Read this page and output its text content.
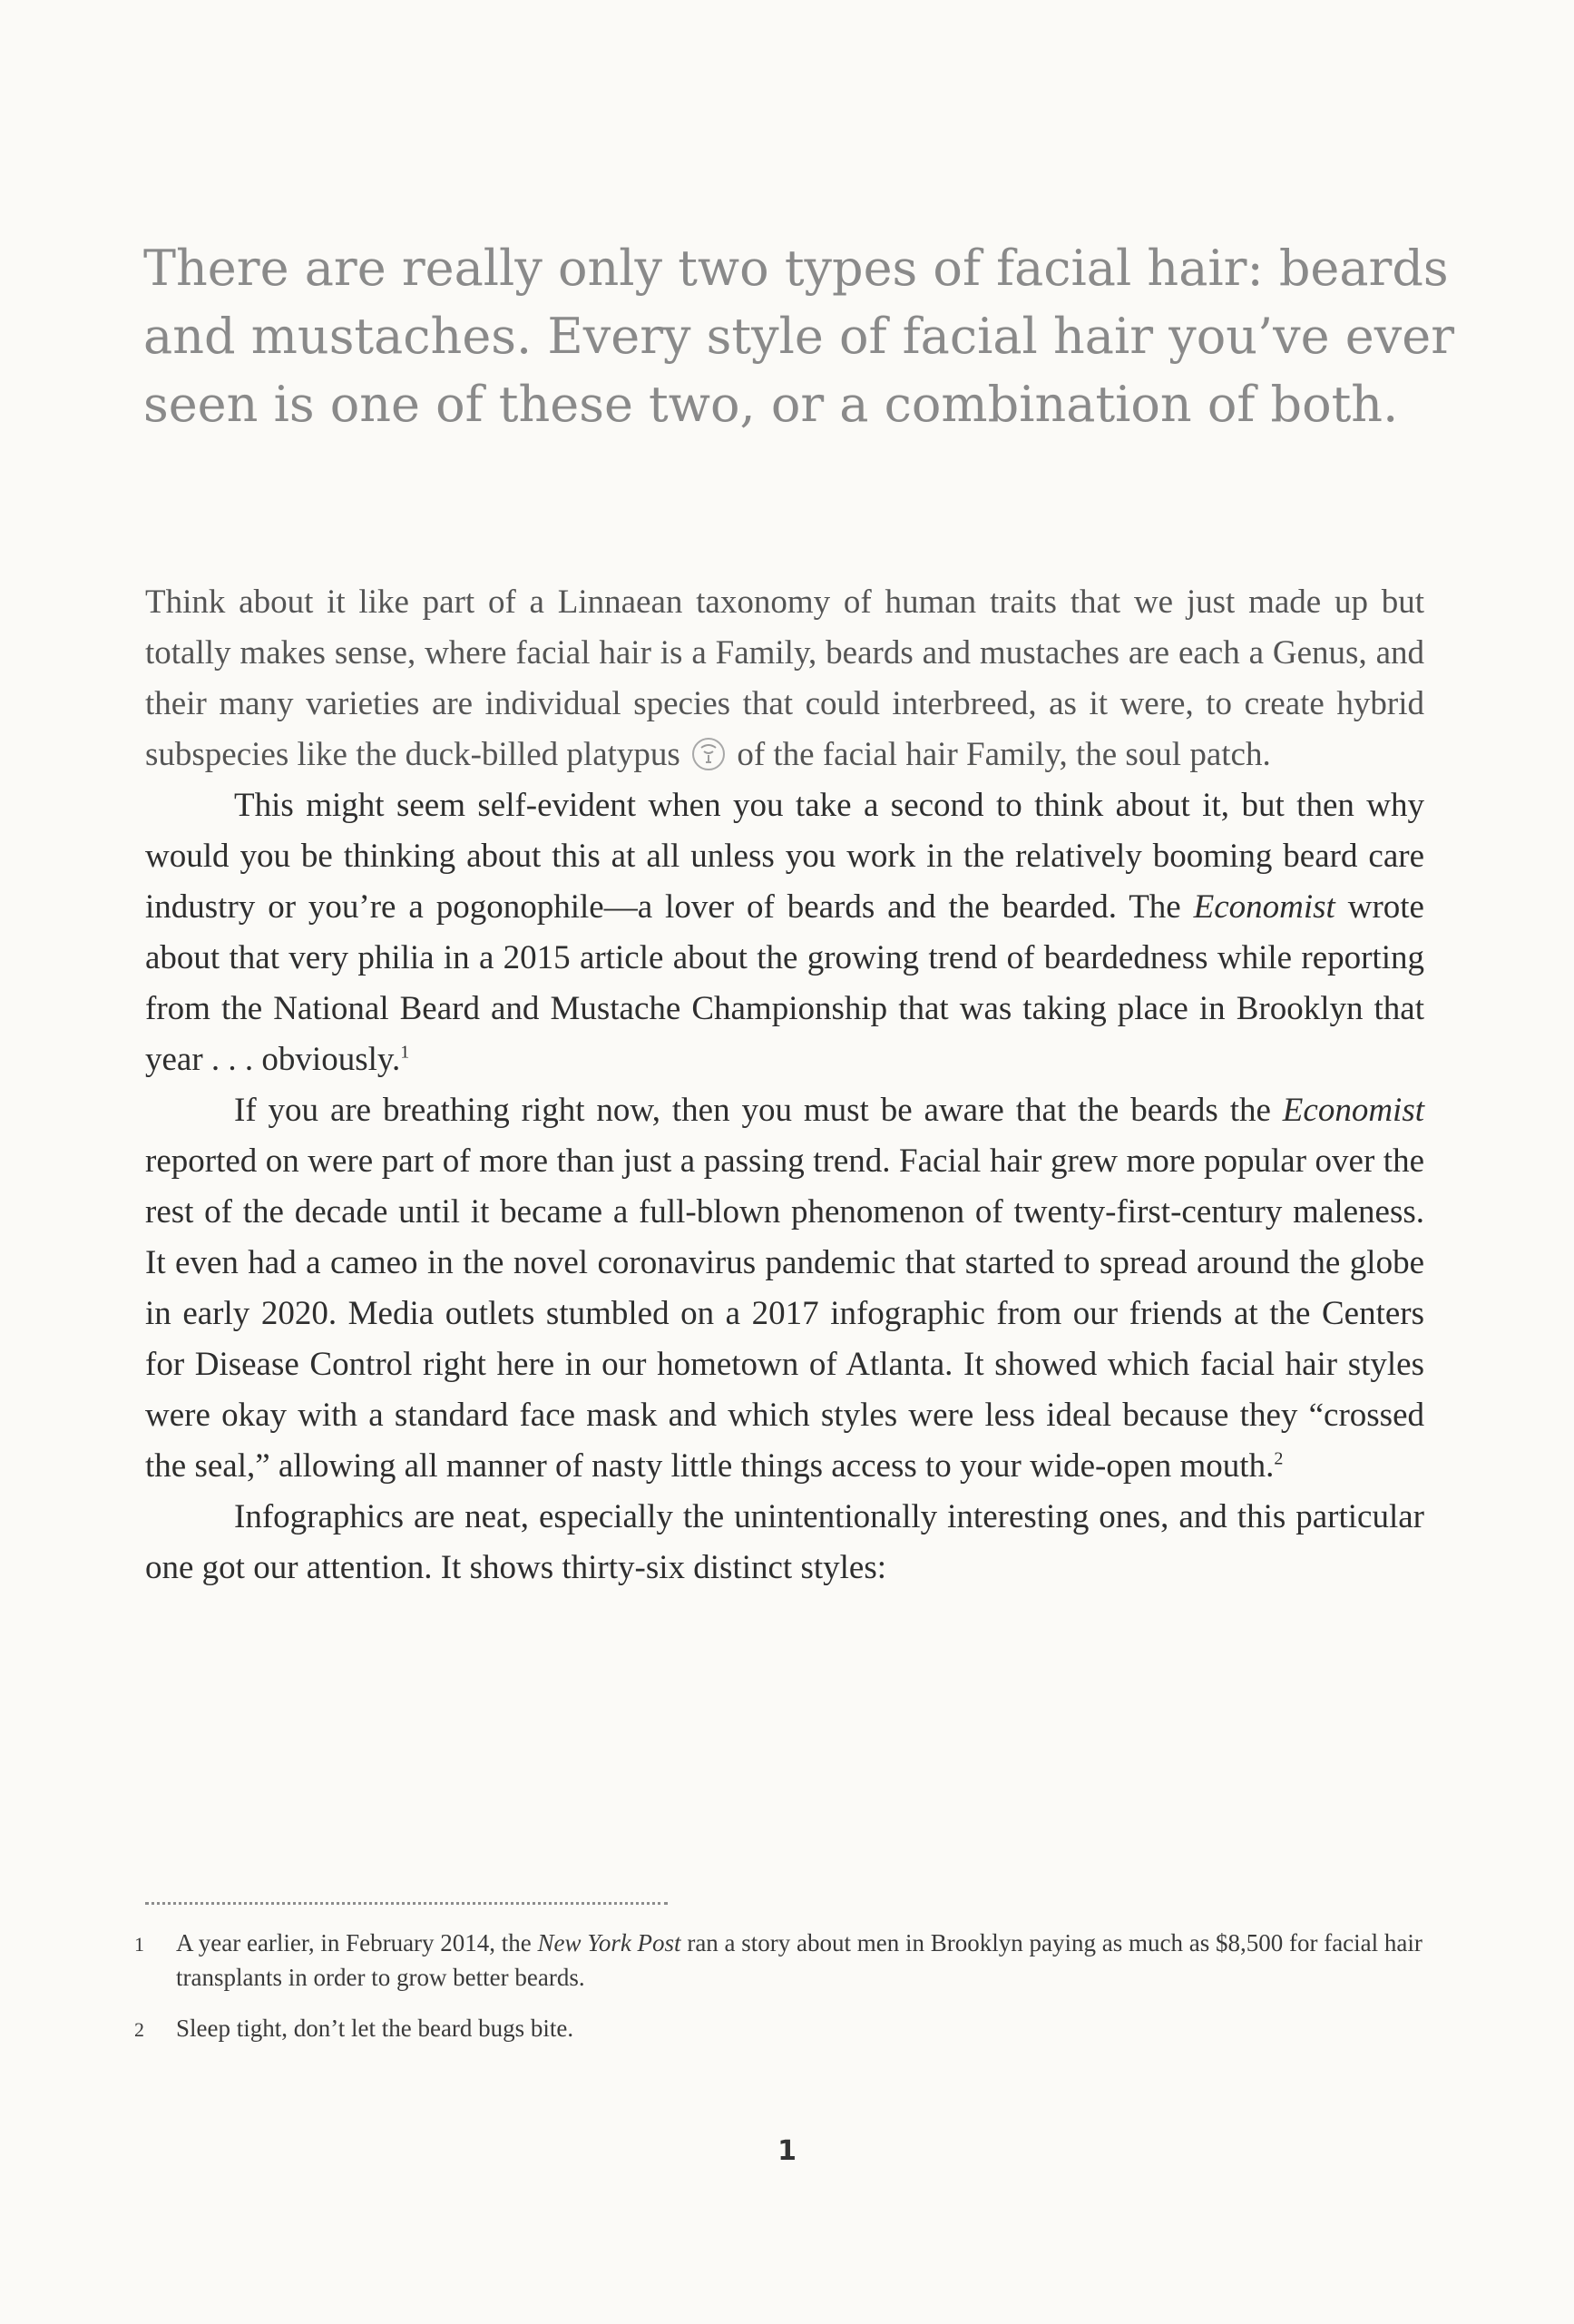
There are really only two types of facial hair: beards and mustaches. Every style of facial hair you’ve ever seen is one of these two, or a combination of both.

Think about it like part of a Linnaean taxonomy of human traits that we just made up but totally makes sense, where facial hair is a Family, beards and mustaches are each a Genus, and their many varieties are individual species that could interbreed, as it were, to create hybrid subspecies like the duck-billed platypus of the facial hair Family, the soul patch.

This might seem self-evident when you take a second to think about it, but then why would you be thinking about this at all unless you work in the relatively booming beard care industry or you’re a pogonophile—a lover of beards and the bearded. The Economist wrote about that very philia in a 2015 article about the growing trend of beardedness while reporting from the National Beard and Mustache Championship that was taking place in Brooklyn that year . . . obviously.$^1$

If you are breathing right now, then you must be aware that the beards the Economist reported on were part of more than just a passing trend. Facial hair grew more popular over the rest of the decade until it became a full-blown phenomenon of twenty-first-century maleness. It even had a cameo in the novel coronavirus pandemic that started to spread around the globe in early 2020. Media outlets stumbled on a 2017 infographic from our friends at the Centers for Disease Control right here in our hometown of Atlanta. It showed which facial hair styles were okay with a standard face mask and which styles were less ideal because they “crossed the seal,” allowing all manner of nasty little things access to your wide-open mouth.$^2$

Infographics are neat, especially the unintentionally interesting ones, and this particular one got our attention. It shows thirty-six distinct styles:

1	A year earlier, in February 2014, the New York Post ran a story about men in Brooklyn paying as much as $8,500 for facial hair transplants in order to grow better beards.
2	Sleep tight, don’t let the beard bugs bite.
1
